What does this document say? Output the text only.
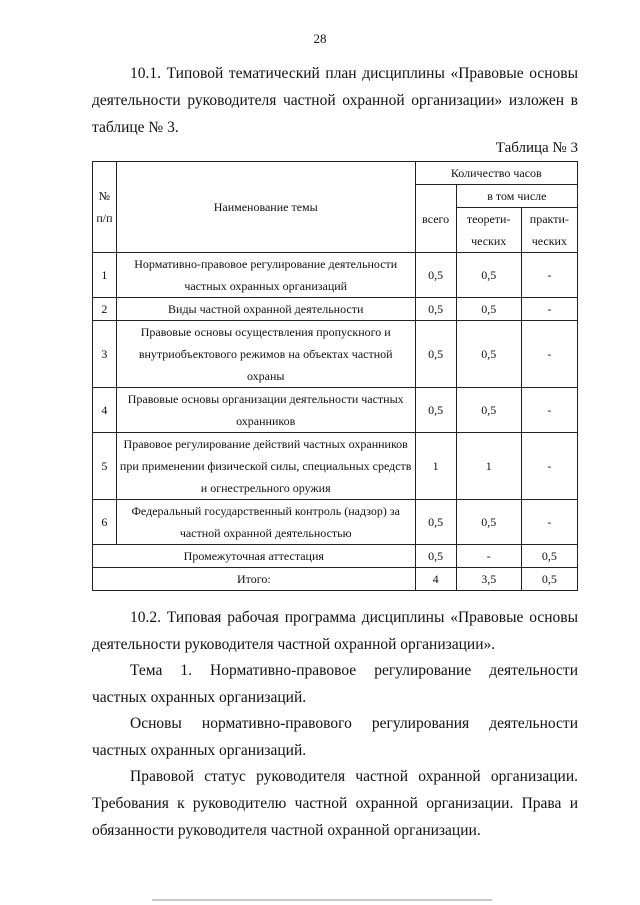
28

10.1. Типовой тематический план дисциплины «Правовые основы деятельности руководителя частной охранной организации» изложен в таблице № 3.

Таблица № 3
№ п/п	Наименование темы	Количество часов		
		всего	в том числе	
			теорети-ческих	практи-ческих
1	Нормативно-правовое регулирование деятельности частных охранных организаций	0,5	0,5	-
2	Виды частной охранной деятельности	0,5	0,5	-
3	Правовые основы осуществления пропускного и внутриобъектового режимов на объектах частной охраны	0,5	0,5	-
4	Правовые основы организации деятельности частных охранников	0,5	0,5	-
5	Правовое регулирование действий частных охранников при применении физической силы, специальных средств и огнестрельного оружия	1	1	-
6	Федеральный государственный контроль (надзор) за частной охранной деятельностью	0,5	0,5	-
Промежуточная аттестация		0,5	-	0,5
Итого:		4	3,5	0,5

10.2. Типовая рабочая программа дисциплины «Правовые основы деятельности руководителя частной охранной организации».

Тема 1. Нормативно-правовое регулирование деятельности частных охранных организаций.

Основы нормативно-правового регулирования деятельности частных охранных организаций.

Правовой статус руководителя частной охранной организации. Требования к руководителю частной охранной организации. Права и обязанности руководителя частной охранной организации.
